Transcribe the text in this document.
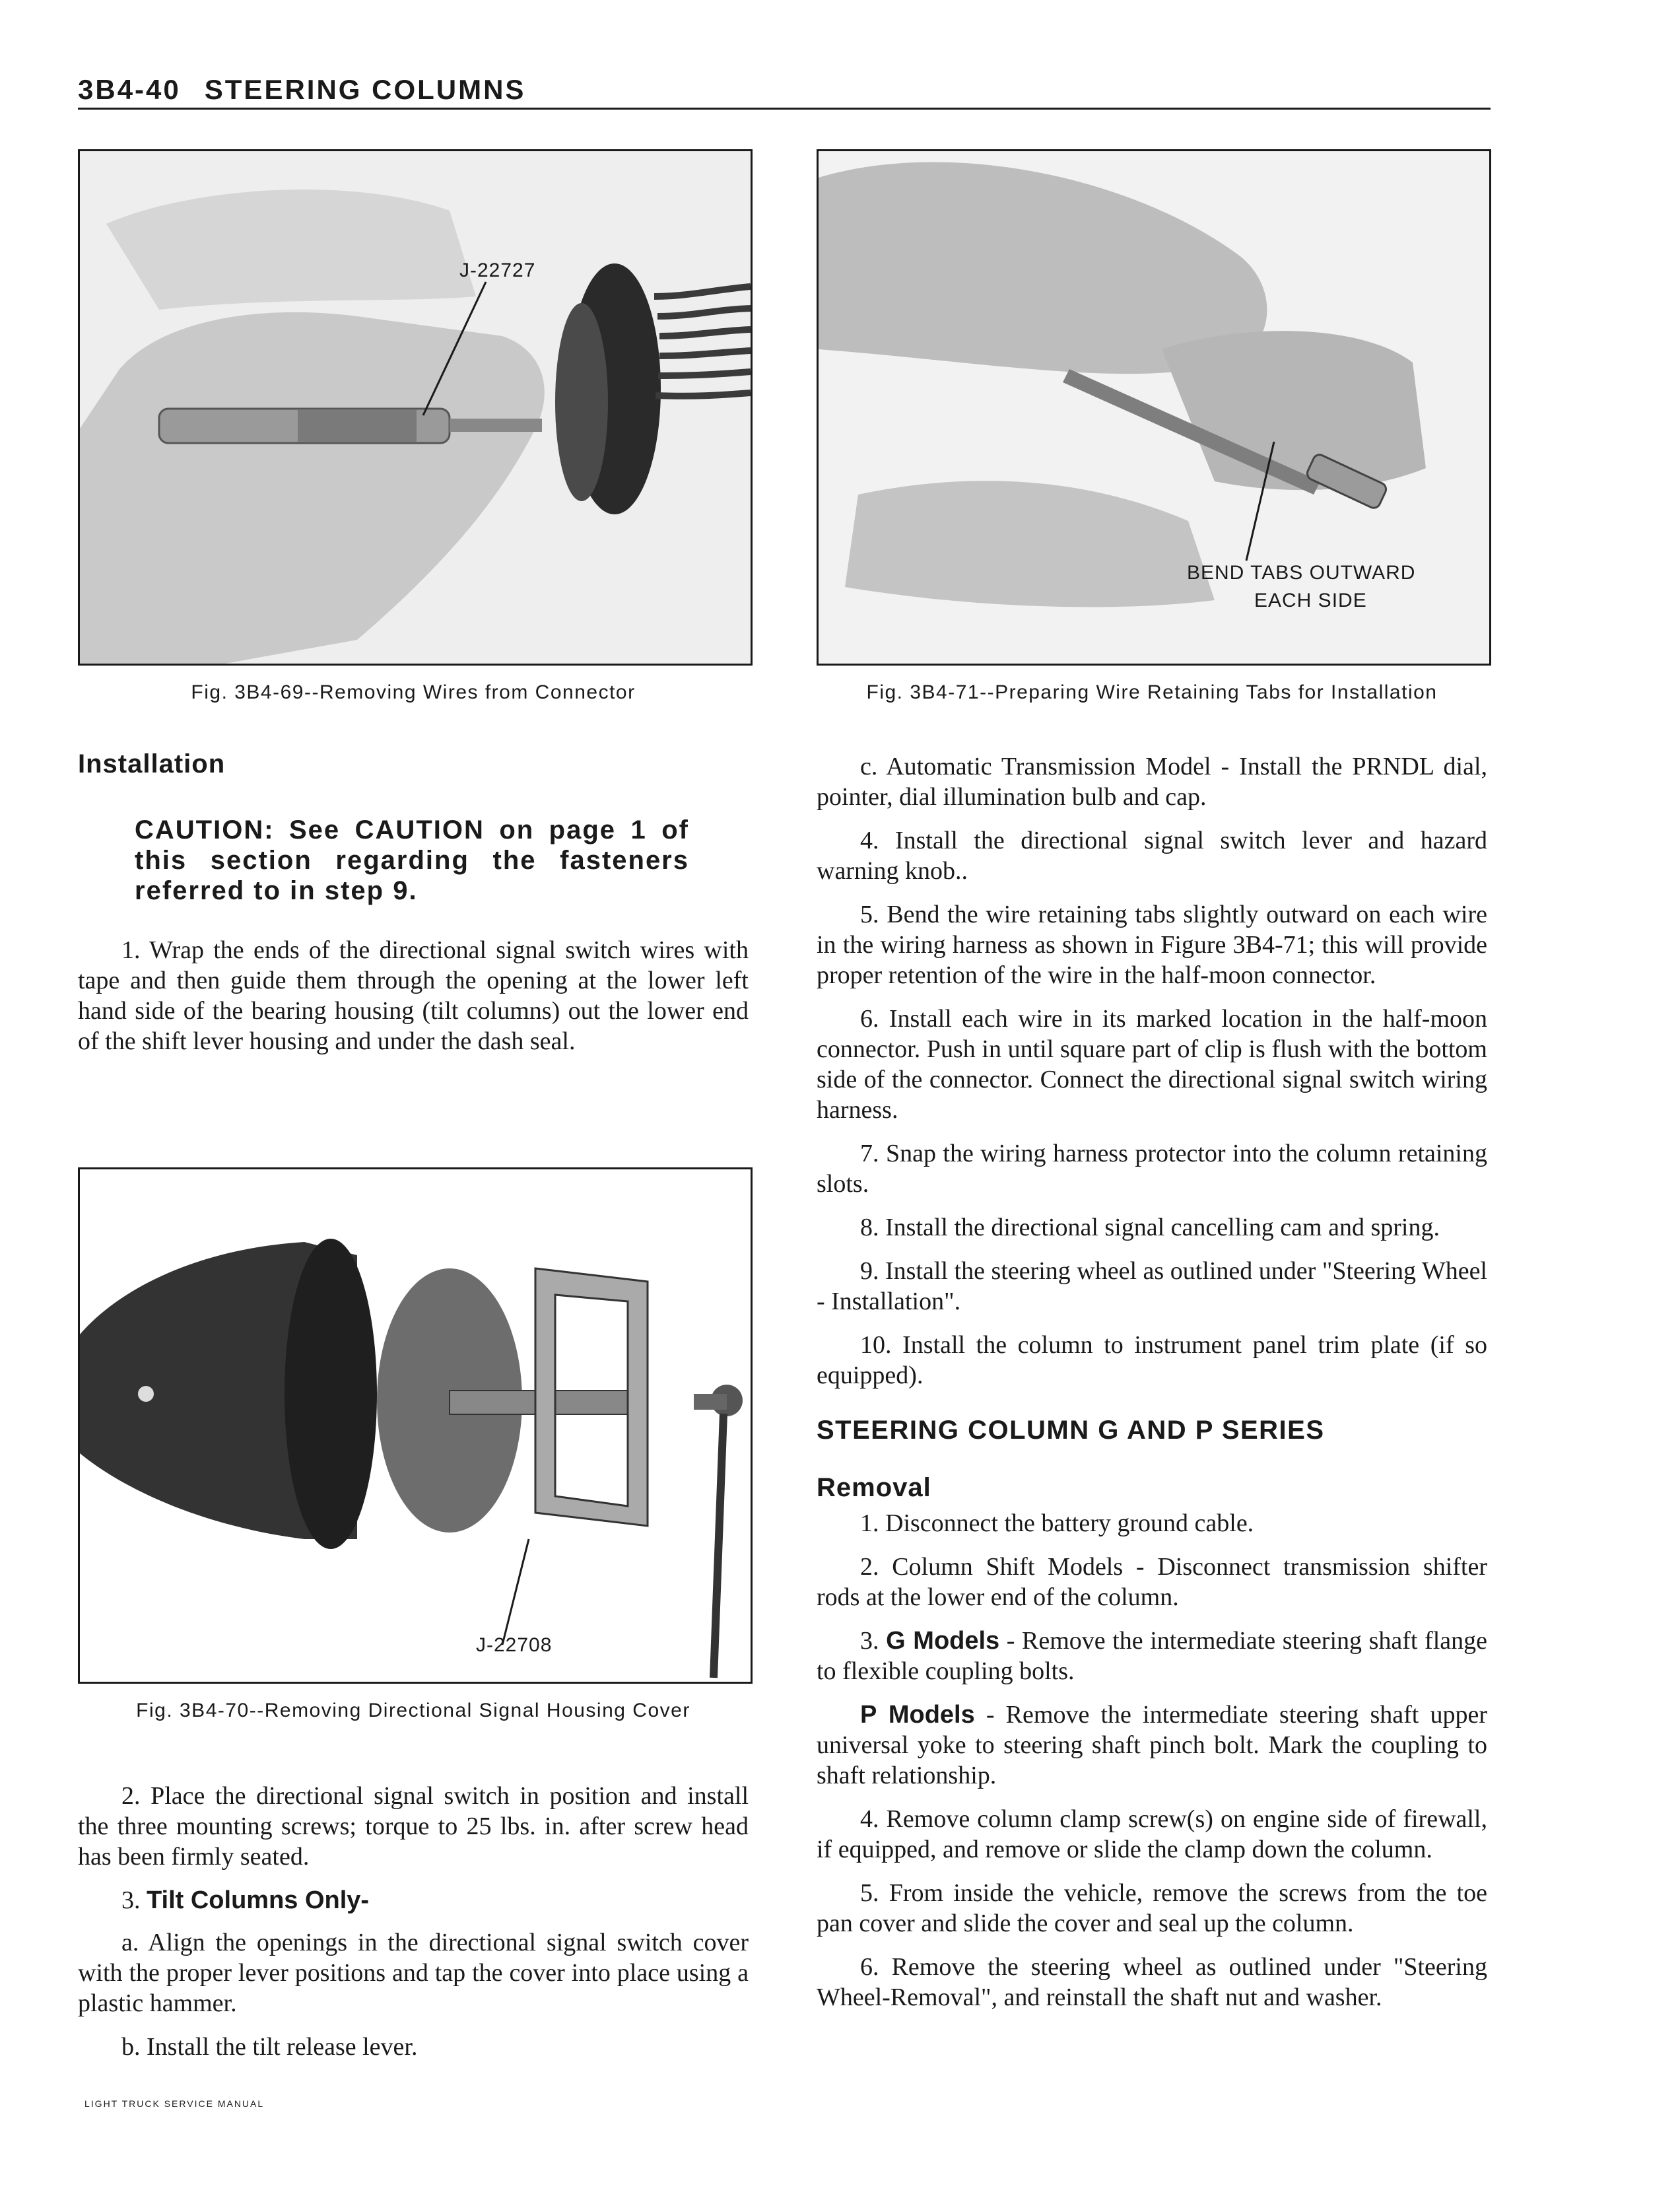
3B4-40 STEERING COLUMNS
J-22727
Fig. 3B4-69--Removing Wires from Connector
BEND TABS OUTWARD
EACH SIDE
Fig. 3B4-71--Preparing Wire Retaining Tabs for Installation
J-22708
Fig. 3B4-70--Removing Directional Signal Housing Cover
Installation
CAUTION: See CAUTION on page 1 of this section regarding the fasteners referred to in step 9.

1. Wrap the ends of the directional signal switch wires with tape and then guide them through the opening at the lower left hand side of the bearing housing (tilt columns) out the lower end of the shift lever housing and under the dash seal.

2. Place the directional signal switch in position and install the three mounting screws; torque to 25 lbs. in. after screw head has been firmly seated.

3. Tilt Columns Only-

a. Align the openings in the directional signal switch cover with the proper lever positions and tap the cover into place using a plastic hammer.

b. Install the tilt release lever.

c. Automatic Transmission Model - Install the PRNDL dial, pointer, dial illumination bulb and cap.

4. Install the directional signal switch lever and hazard warning knob..

5. Bend the wire retaining tabs slightly outward on each wire in the wiring harness as shown in Figure 3B4-71; this will provide proper retention of the wire in the half-moon connector.

6. Install each wire in its marked location in the half-moon connector. Push in until square part of clip is flush with the bottom side of the connector. Connect the directional signal switch wiring harness.

7. Snap the wiring harness protector into the column retaining slots.

8. Install the directional signal cancelling cam and spring.

9. Install the steering wheel as outlined under "Steering Wheel - Installation".

10. Install the column to instrument panel trim plate (if so equipped).

STEERING COLUMN G AND P SERIES
Removal

1. Disconnect the battery ground cable.

2. Column Shift Models - Disconnect transmission shifter rods at the lower end of the column.

3. G Models - Remove the intermediate steering shaft flange to flexible coupling bolts.

P Models - Remove the intermediate steering shaft upper universal yoke to steering shaft pinch bolt. Mark the coupling to shaft relationship.

4. Remove column clamp screw(s) on engine side of firewall, if equipped, and remove or slide the clamp down the column.

5. From inside the vehicle, remove the screws from the toe pan cover and slide the cover and seal up the column.

6. Remove the steering wheel as outlined under "Steering Wheel-Removal", and reinstall the shaft nut and washer.

LIGHT TRUCK SERVICE MANUAL
